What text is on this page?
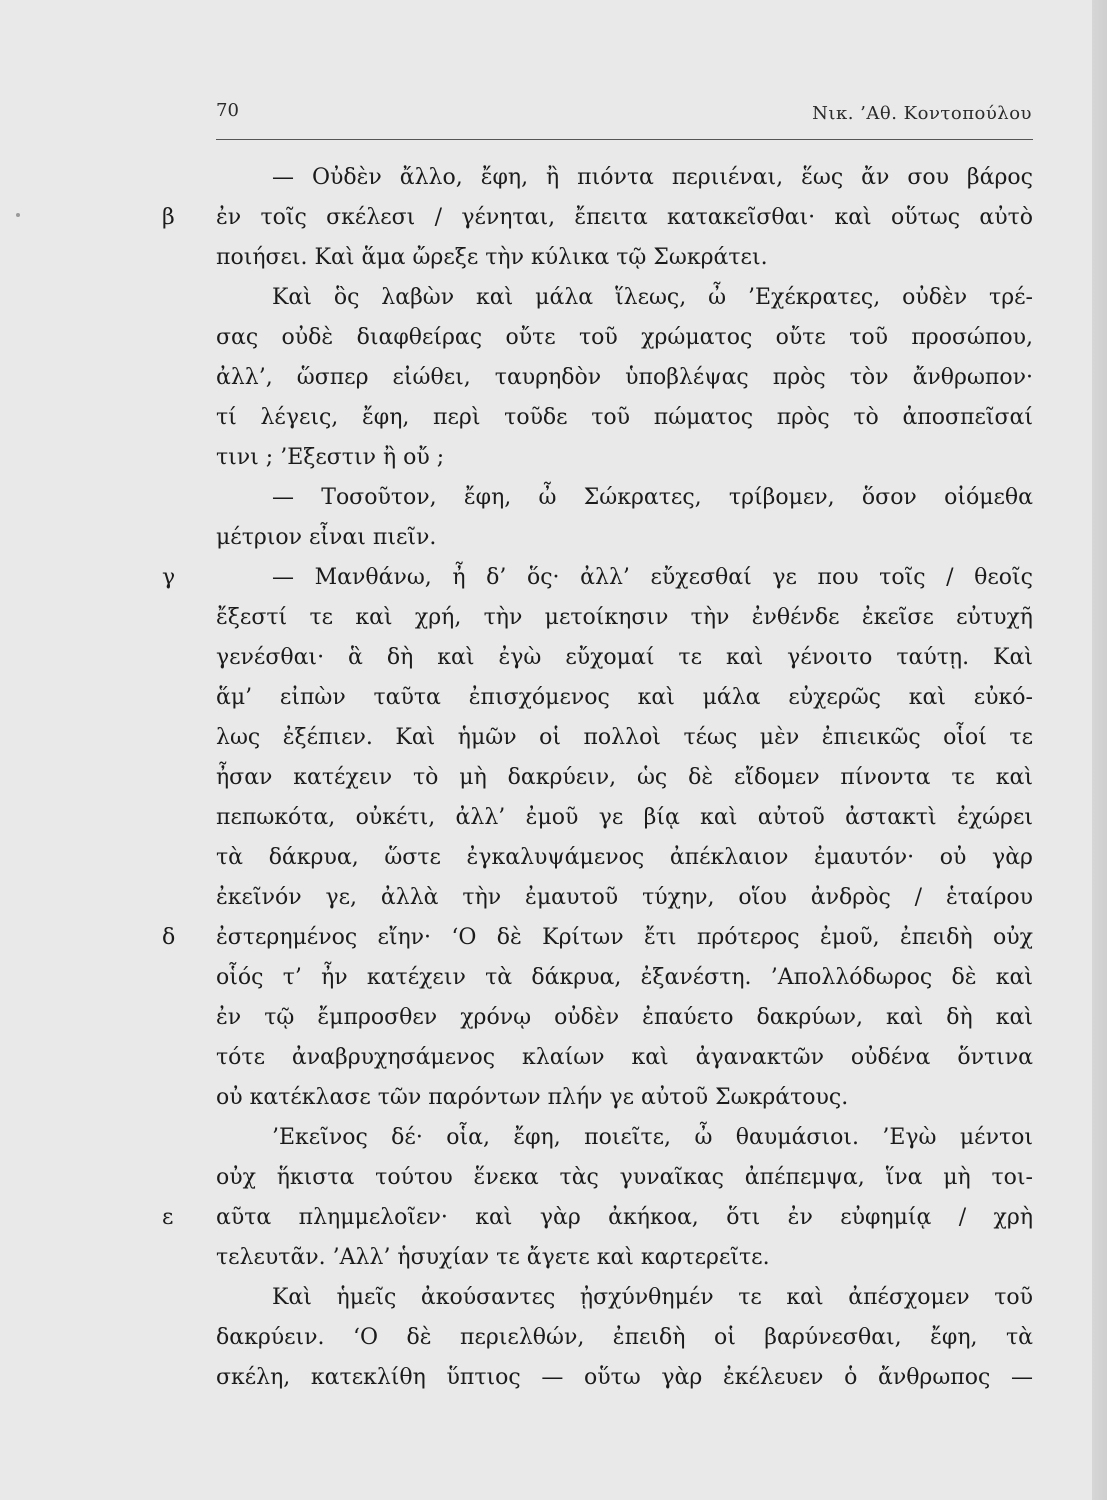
70	Νικ. ’Αθ. Κοντοπούλου
β
γ
δ
ε
— Οὐδὲν ἄλλο, ἔφη, ἢ πιόντα περιιέναι, ἕως ἄν σου βάρος
ἐν τοῖς σκέλεσι / γένηται, ἔπειτα κατακεῖσθαι· καὶ οὕτως αὐτὸ
ποιήσει. Καὶ ἅμα ὤρεξε τὴν κύλικα τῷ Σωκράτει.
Καὶ ὃς λαβὼν καὶ μάλα ἵλεως, ὦ ’Εχέκρατες, οὐδὲν τρέ-
σας οὐδὲ διαφθείρας οὔτε τοῦ χρώματος οὔτε τοῦ προσώπου,
ἀλλ’, ὥσπερ εἰώθει, ταυρηδὸν ὑποβλέψας πρὸς τὸν ἄνθρωπον·
τί λέγεις, ἔφη, περὶ τοῦδε τοῦ πώματος πρὸς τὸ ἀποσπεῖσαί
τινι ; ’Εξεστιν ἢ οὔ ;
— Τοσοῦτον, ἔφη, ὦ Σώκρατες, τρίβομεν, ὅσον οἰόμεθα
μέτριον εἶναι πιεῖν.
— Μανθάνω, ἦ δ’ ὅς· ἀλλ’ εὔχεσθαί γε που τοῖς / θεοῖς
ἔξεστί τε καὶ χρή, τὴν μετοίκησιν τὴν ἐνθένδε ἐκεῖσε εὐτυχῆ
γενέσθαι· ἃ δὴ καὶ ἐγὼ εὔχομαί τε καὶ γένοιτο ταύτῃ. Καὶ
ἅμ’ εἰπὼν ταῦτα ἐπισχόμενος καὶ μάλα εὐχερῶς καὶ εὐκό-
λως ἐξέπιεν. Καὶ ἡμῶν οἱ πολλοὶ τέως μὲν ἐπιεικῶς οἷοί τε
ἦσαν κατέχειν τὸ μὴ δακρύειν, ὡς δὲ εἴδομεν πίνοντα τε καὶ
πεπωκότα, οὐκέτι, ἀλλ’ ἐμοῦ γε βίᾳ καὶ αὐτοῦ ἀστακτὶ ἐχώρει
τὰ δάκρυα, ὥστε ἐγκαλυψάμενος ἀπέκλαιον ἐμαυτόν· οὐ γὰρ
ἐκεῖνόν γε, ἀλλὰ τὴν ἐμαυτοῦ τύχην, οἵου ἀνδρὸς / ἑταίρου
ἐστερημένος εἴην· ‘Ο δὲ Κρίτων ἔτι πρότερος ἐμοῦ, ἐπειδὴ οὐχ
οἷός τ’ ἦν κατέχειν τὰ δάκρυα, ἐξανέστη. ’Απολλόδωρος δὲ καὶ
ἐν τῷ ἔμπροσθεν χρόνῳ οὐδὲν ἐπαύετο δακρύων, καὶ δὴ καὶ
τότε ἀναβρυχησάμενος κλαίων καὶ ἀγανακτῶν οὐδένα ὅντινα
οὐ κατέκλασε τῶν παρόντων πλήν γε αὐτοῦ Σωκράτους.
’Εκεῖνος δέ· οἷα, ἔφη, ποιεῖτε, ὦ θαυμάσιοι. ’Εγὼ μέντοι
οὐχ ἥκιστα τούτου ἕνεκα τὰς γυναῖκας ἀπέπεμψα, ἵνα μὴ τοι-
αῦτα πλημμελοῖεν· καὶ γὰρ ἀκήκοα, ὅτι ἐν εὐφημίᾳ / χρὴ
τελευτᾶν. ’Αλλ’ ἡσυχίαν τε ἄγετε καὶ καρτερεῖτε.
Καὶ ἡμεῖς ἀκούσαντες ᾐσχύνθημέν τε καὶ ἀπέσχομεν τοῦ
δακρύειν. ‘Ο δὲ περιελθών, ἐπειδὴ οἱ βαρύνεσθαι, ἔφη, τὰ
σκέλη, κατεκλίθη ὕπτιος — οὕτω γὰρ ἐκέλευεν ὁ ἄνθρωπος —
